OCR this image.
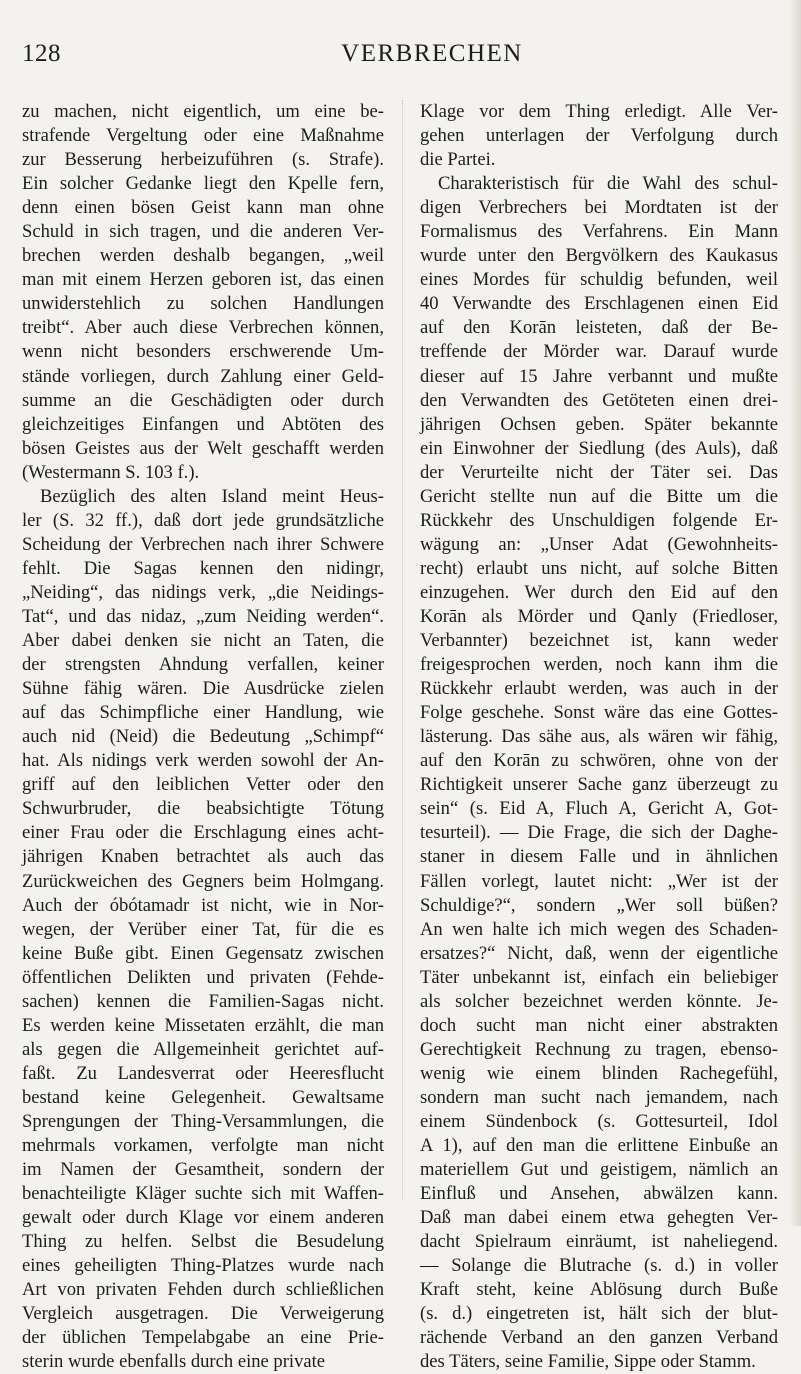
128	VERBRECHEN
zu machen, nicht eigentlich, um eine be-
strafende Vergeltung oder eine Maßnahme
zur Besserung herbeizuführen (s. Strafe).
Ein solcher Gedanke liegt den Kpelle fern,
denn einen bösen Geist kann man ohne
Schuld in sich tragen, und die anderen Ver-
brechen werden deshalb begangen, „weil
man mit einem Herzen geboren ist, das einen
unwiderstehlich zu solchen Handlungen
treibt“. Aber auch diese Verbrechen können,
wenn nicht besonders erschwerende Um-
stände vorliegen, durch Zahlung einer Geld-
summe an die Geschädigten oder durch
gleichzeitiges Einfangen und Abtöten des
bösen Geistes aus der Welt geschafft werden
(Westermann S. 103 f.).
Bezüglich des alten Island meint Heus-
ler (S. 32 ff.), daß dort jede grundsätzliche
Scheidung der Verbrechen nach ihrer Schwere
fehlt. Die Sagas kennen den nidingr,
„Neiding“, das nidings verk, „die Neidings-
Tat“, und das nidaz, „zum Neiding werden“.
Aber dabei denken sie nicht an Taten, die
der strengsten Ahndung verfallen, keiner
Sühne fähig wären. Die Ausdrücke zielen
auf das Schimpfliche einer Handlung, wie
auch nid (Neid) die Bedeutung „Schimpf“
hat. Als nidings verk werden sowohl der An-
griff auf den leiblichen Vetter oder den
Schwurbruder, die beabsichtigte Tötung
einer Frau oder die Erschlagung eines acht-
jährigen Knaben betrachtet als auch das
Zurückweichen des Gegners beim Holmgang.
Auch der óbótamadr ist nicht, wie in Nor-
wegen, der Verüber einer Tat, für die es
keine Buße gibt. Einen Gegensatz zwischen
öffentlichen Delikten und privaten (Fehde-
sachen) kennen die Familien-Sagas nicht.
Es werden keine Missetaten erzählt, die man
als gegen die Allgemeinheit gerichtet auf-
faßt. Zu Landesverrat oder Heeresflucht
bestand keine Gelegenheit. Gewaltsame
Sprengungen der Thing-Versammlungen, die
mehrmals vorkamen, verfolgte man nicht
im Namen der Gesamtheit, sondern der
benachteiligte Kläger suchte sich mit Waffen-
gewalt oder durch Klage vor einem anderen
Thing zu helfen. Selbst die Besudelung
eines geheiligten Thing-Platzes wurde nach
Art von privaten Fehden durch schließlichen
Vergleich ausgetragen. Die Verweigerung
der üblichen Tempelabgabe an eine Prie-
sterin wurde ebenfalls durch eine private
Klage vor dem Thing erledigt. Alle Ver-
gehen unterlagen der Verfolgung durch
die Partei.
Charakteristisch für die Wahl des schul-
digen Verbrechers bei Mordtaten ist der
Formalismus des Verfahrens. Ein Mann
wurde unter den Bergvölkern des Kaukasus
eines Mordes für schuldig befunden, weil
40 Verwandte des Erschlagenen einen Eid
auf den Korān leisteten, daß der Be-
treffende der Mörder war. Darauf wurde
dieser auf 15 Jahre verbannt und mußte
den Verwandten des Getöteten einen drei-
jährigen Ochsen geben. Später bekannte
ein Einwohner der Siedlung (des Auls), daß
der Verurteilte nicht der Täter sei. Das
Gericht stellte nun auf die Bitte um die
Rückkehr des Unschuldigen folgende Er-
wägung an: „Unser Adat (Gewohnheits-
recht) erlaubt uns nicht, auf solche Bitten
einzugehen. Wer durch den Eid auf den
Korān als Mörder und Qanly (Friedloser,
Verbannter) bezeichnet ist, kann weder
freigesprochen werden, noch kann ihm die
Rückkehr erlaubt werden, was auch in der
Folge geschehe. Sonst wäre das eine Gottes-
lästerung. Das sähe aus, als wären wir fähig,
auf den Korān zu schwören, ohne von der
Richtigkeit unserer Sache ganz überzeugt zu
sein“ (s. Eid A, Fluch A, Gericht A, Got-
tesurteil). — Die Frage, die sich der Daghe-
staner in diesem Falle und in ähnlichen
Fällen vorlegt, lautet nicht: „Wer ist der
Schuldige?“, sondern „Wer soll büßen?
An wen halte ich mich wegen des Schaden-
ersatzes?“ Nicht, daß, wenn der eigentliche
Täter unbekannt ist, einfach ein beliebiger
als solcher bezeichnet werden könnte. Je-
doch sucht man nicht einer abstrakten
Gerechtigkeit Rechnung zu tragen, ebenso-
wenig wie einem blinden Rachegefühl,
sondern man sucht nach jemandem, nach
einem Sündenbock (s. Gottesurteil, Idol
A 1), auf den man die erlittene Einbuße an
materiellem Gut und geistigem, nämlich an
Einfluß und Ansehen, abwälzen kann.
Daß man dabei einem etwa gehegten Ver-
dacht Spielraum einräumt, ist naheliegend.
— Solange die Blutrache (s. d.) in voller
Kraft steht, keine Ablösung durch Buße
(s. d.) eingetreten ist, hält sich der blut-
rächende Verband an den ganzen Verband
des Täters, seine Familie, Sippe oder Stamm.
